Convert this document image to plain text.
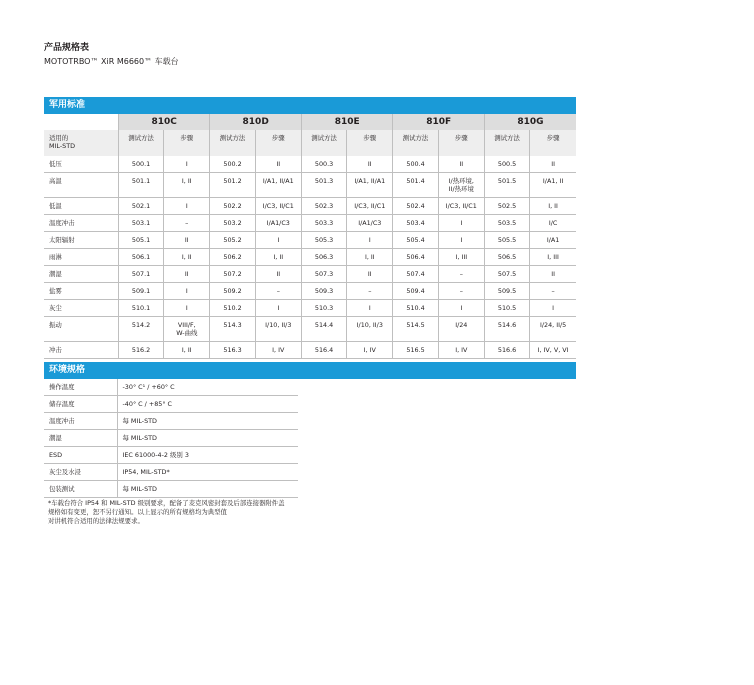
产品规格表
MOTOTRBO™ XiR M6660™ 车载台
军用标准
	810C		810D		810E		810F		810G	
适用的
MIL-STD	测试方法	步骤	测试方法	步骤	测试方法	步骤	测试方法	步骤	测试方法	步骤
低压	500.1	I	500.2	II	500.3	II	500.4	II	500.5	II
高温	501.1	I, II	501.2	I/A1, II/A1	501.3	I/A1, II/A1	501.4	I/热环境,
II/热环境	501.5	I/A1, II
低温	502.1	I	502.2	I/C3, II/C1	502.3	I/C3, II/C1	502.4	I/C3, II/C1	502.5	I, II
温度冲击	503.1	–	503.2	I/A1/C3	503.3	I/A1/C3	503.4	I	503.5	I/C
太阳辐射	505.1	II	505.2	I	505.3	I	505.4	I	505.5	I/A1
雨淋	506.1	I, II	506.2	I, II	506.3	I, II	506.4	I, III	506.5	I, III
潮湿	507.1	II	507.2	II	507.3	II	507.4	–	507.5	II
盐雾	509.1	I	509.2	–	509.3	–	509.4	–	509.5	–
灰尘	510.1	I	510.2	I	510.3	I	510.4	I	510.5	I
振动	514.2	VIII/F,
W-曲线	514.3	I/10, II/3	514.4	I/10, II/3	514.5	I/24	514.6	I/24, II/5
冲击	516.2	I, II	516.3	I, IV	516.4	I, IV	516.5	I, IV	516.6	I, IV, V, VI
环境规格
操作温度	-30° C¹ / +60° C
储存温度	-40° C / +85° C
温度冲击	每 MIL-STD
潮湿	每 MIL-STD
ESD	IEC 61000-4-2 级别 3
灰尘及水浸	IP54, MIL-STD*
包装测试	每 MIL-STD
*车载台符合 IP54 和 MIL-STD 级别要求，配备了麦克风密封套及后部连接器附件盖
规格如有变更，恕不另行通知。以上显示的所有规格均为典型值
对讲机符合适用的法律法规要求。
